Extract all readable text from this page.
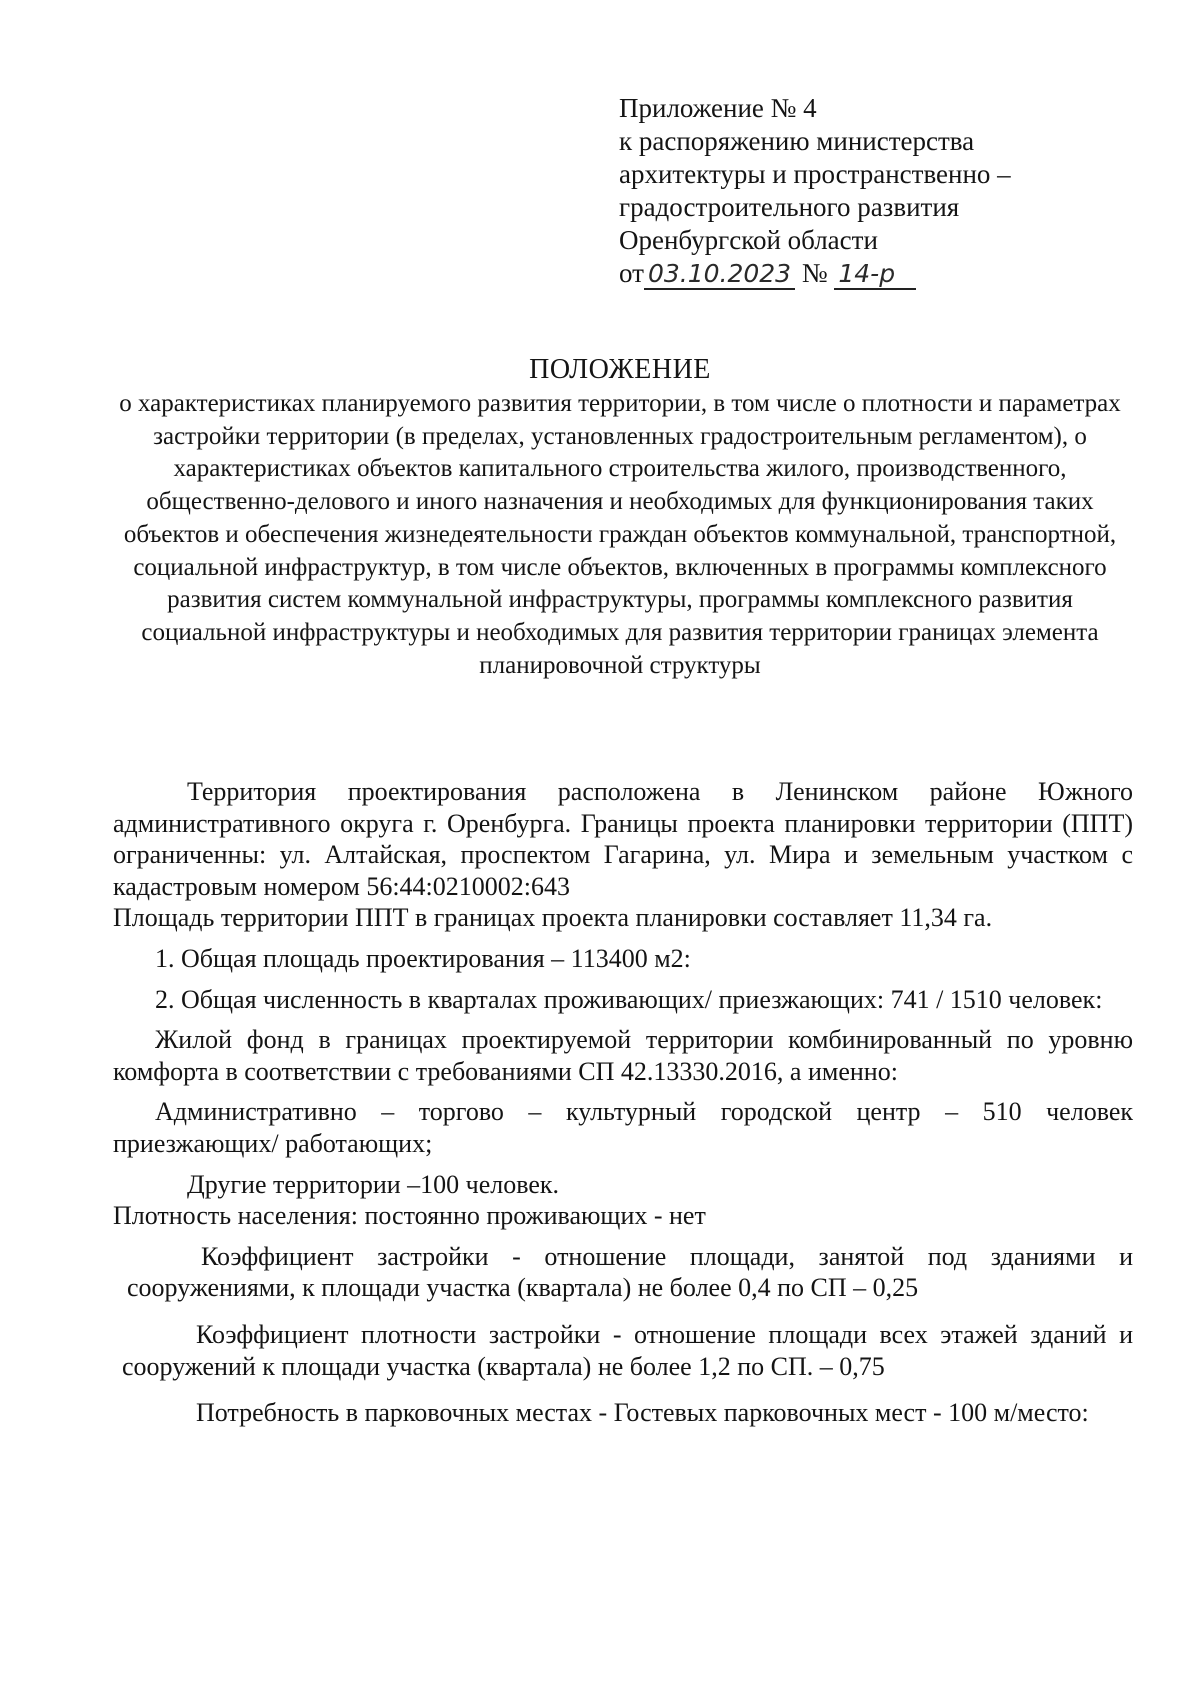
Приложение № 4
к распоряжению министерства
архитектуры и пространственно –
градостроительного развития
Оренбургской области
от 03.10.2023 № 14-р
ПОЛОЖЕНИЕ
о характеристиках планируемого развития территории, в том числе о плотности и параметрах застройки территории (в пределах, установленных градостроительным регламентом), о характеристиках объектов капитального строительства жилого, производственного, общественно-делового и иного назначения и необходимых для функционирования таких объектов и обеспечения жизнедеятельности граждан объектов коммунальной, транспортной, социальной инфраструктур, в том числе объектов, включенных в программы комплексного развития систем коммунальной инфраструктуры, программы комплексного развития социальной инфраструктуры и необходимых для развития территории границах элемента планировочной структуры

Территория проектирования расположена в Ленинском районе Южного административного округа г. Оренбурга. Границы проекта планировки территории (ППТ) ограниченны: ул. Алтайская, проспектом Гагарина, ул. Мира и земельным участком с кадастровым номером 56:44:0210002:643

Площадь территории ППТ в границах проекта планировки составляет 11,34 га.

1. Общая площадь проектирования – 113400 м2:

2. Общая численность в кварталах проживающих/ приезжающих: 741 / 1510 человек:

Жилой фонд в границах проектируемой территории комбинированный по уровню комфорта в соответствии с требованиями СП 42.13330.2016, а именно:

Административно – торгово – культурный городской центр – 510 человек приезжающих/ работающих;

Другие территории –100 человек.

Плотность населения: постоянно проживающих - нет

Коэффициент застройки - отношение площади, занятой под зданиями и сооружениями, к площади участка (квартала) не более 0,4 по СП – 0,25

Коэффициент плотности застройки - отношение площади всех этажей зданий и сооружений к площади участка (квартала) не более 1,2 по СП. – 0,75

Потребность в парковочных местах - Гостевых парковочных мест - 100 м/место:
